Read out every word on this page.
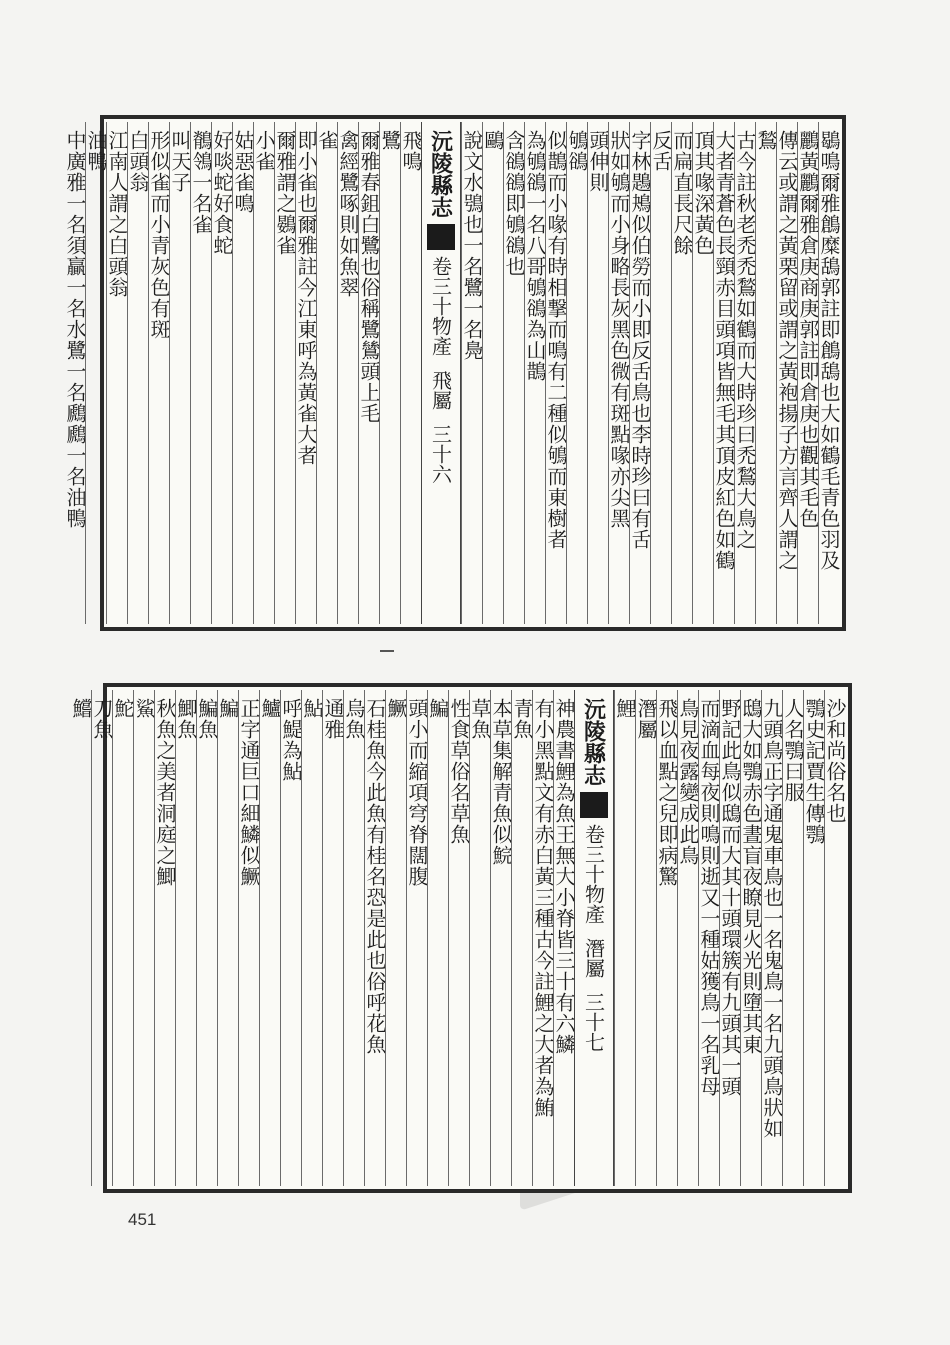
鶡鳴爾雅鶬糜鴰郭註即鶬鴰也大如鶴毛青色羽及
鸝黃鸝爾雅倉庚商庚郭註即倉庚也觀其毛色
傳云或謂之黃栗留或謂之黃袍揚子方言齊人謂之
鶖
古今註秋老禿禿鶖如鶴而大時珍曰禿鶖大鳥之
大者青蒼色長頸赤目頭項皆無毛其頂皮紅色如鶴
頂其喙深黃色
而扁直長尺餘
反舌
字林鶗鴂似伯勞而小即反舌鳥也李時珍曰有舌
狀如鴝而小身略長灰黑色微有斑點喙亦尖黑
頭伸則
鴝鵒
似鵲而小喙有時相撃而鳴有二種似鴝而東樹者
為鴝鵒一名八哥鴝鵒為山鵲
含鵒鵒即鴝鵒也
鷗
說文水鴞也一名鷺一名鳧
沅陵縣志
卷三十
物產
飛屬
三十六
飛鳴
鷺
爾雅春鉏白鷺也俗稱鷺鷥頭上毛
禽經鷺啄則如魚翠
雀
即小雀也爾雅註今江東呼為黃雀大者
爾雅謂之鷃雀
小雀
姑惡雀鳴
好啖蛇好食蛇
鶺鴒一名雀
叫天子
形似雀而小青灰色有斑
白頭翁
江南人謂之白頭翁
油鴨
中廣雅一名須贏一名水鷺一名鷉鷉一名油鴨
沙和尚俗名也
鶚史記賈生傳鶚
人名鶚曰服
九頭鳥正字通鬼車鳥也一名鬼鳥一名九頭鳥狀如
鴟大如鶚赤色晝盲夜瞭見火光則墮其東
野記此鳥似鴟而大其十頭環簇有九頭其一頭
而滴血每夜則鳴則逝又一種姑獲鳥一名乳母
鳥見夜露變成此鳥
飛以血點之兒即病驚
潛屬
鯉
沅陵縣志
卷三十
物產
潛屬
三十七
神農書鯉為魚王無大小脊皆三十有六鱗
有小黑點文有赤白黃三種古今註鯉之大者為鮪
青魚
本草集解青魚似鯇
草魚
性食草俗名草魚
鯿
頭小而縮項穹脊闊腹
鱖
石桂魚今此魚有桂名恐是此也俗呼花魚
烏魚
通雅
鮎
呼鯷為鮎
鱸
正字通巨口細鱗似鱖
鯿
鯿魚
鯽魚
秋魚之美者洞庭之鯽
鯊
鮀
刀魚
鱨
451
